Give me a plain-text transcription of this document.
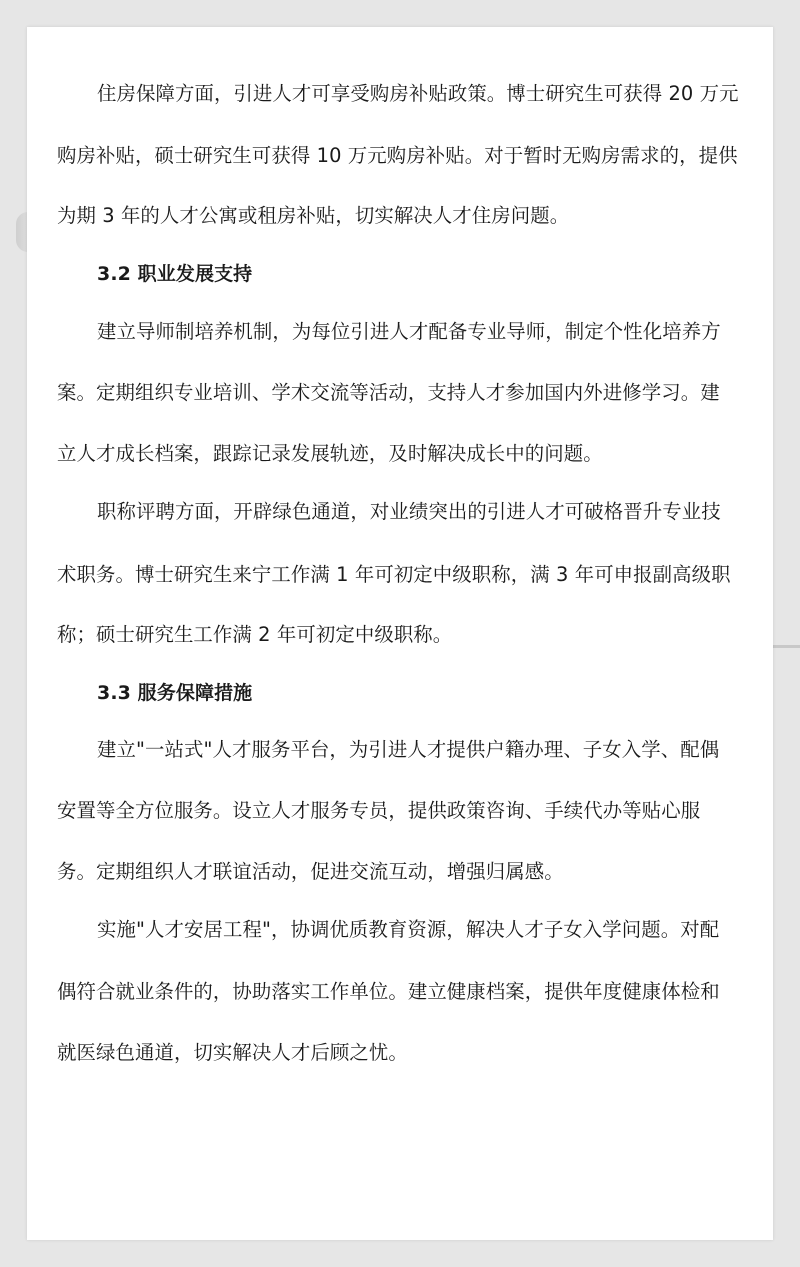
住房保障方面，引进人才可享受购房补贴政策。博士研究生可获得 20 万元
购房补贴，硕士研究生可获得 10 万元购房补贴。对于暂时无购房需求的，提供
为期 3 年的人才公寓或租房补贴，切实解决人才住房问题。
3.2 职业发展支持
建立导师制培养机制，为每位引进人才配备专业导师，制定个性化培养方
案。定期组织专业培训、学术交流等活动，支持人才参加国内外进修学习。建
立人才成长档案，跟踪记录发展轨迹，及时解决成长中的问题。
职称评聘方面，开辟绿色通道，对业绩突出的引进人才可破格晋升专业技
术职务。博士研究生来宁工作满 1 年可初定中级职称，满 3 年可申报副高级职
称；硕士研究生工作满 2 年可初定中级职称。
3.3 服务保障措施
建立"一站式"人才服务平台，为引进人才提供户籍办理、子女入学、配偶
安置等全方位服务。设立人才服务专员，提供政策咨询、手续代办等贴心服
务。定期组织人才联谊活动，促进交流互动，增强归属感。
实施"人才安居工程"，协调优质教育资源，解决人才子女入学问题。对配
偶符合就业条件的，协助落实工作单位。建立健康档案，提供年度健康体检和
就医绿色通道，切实解决人才后顾之忧。
